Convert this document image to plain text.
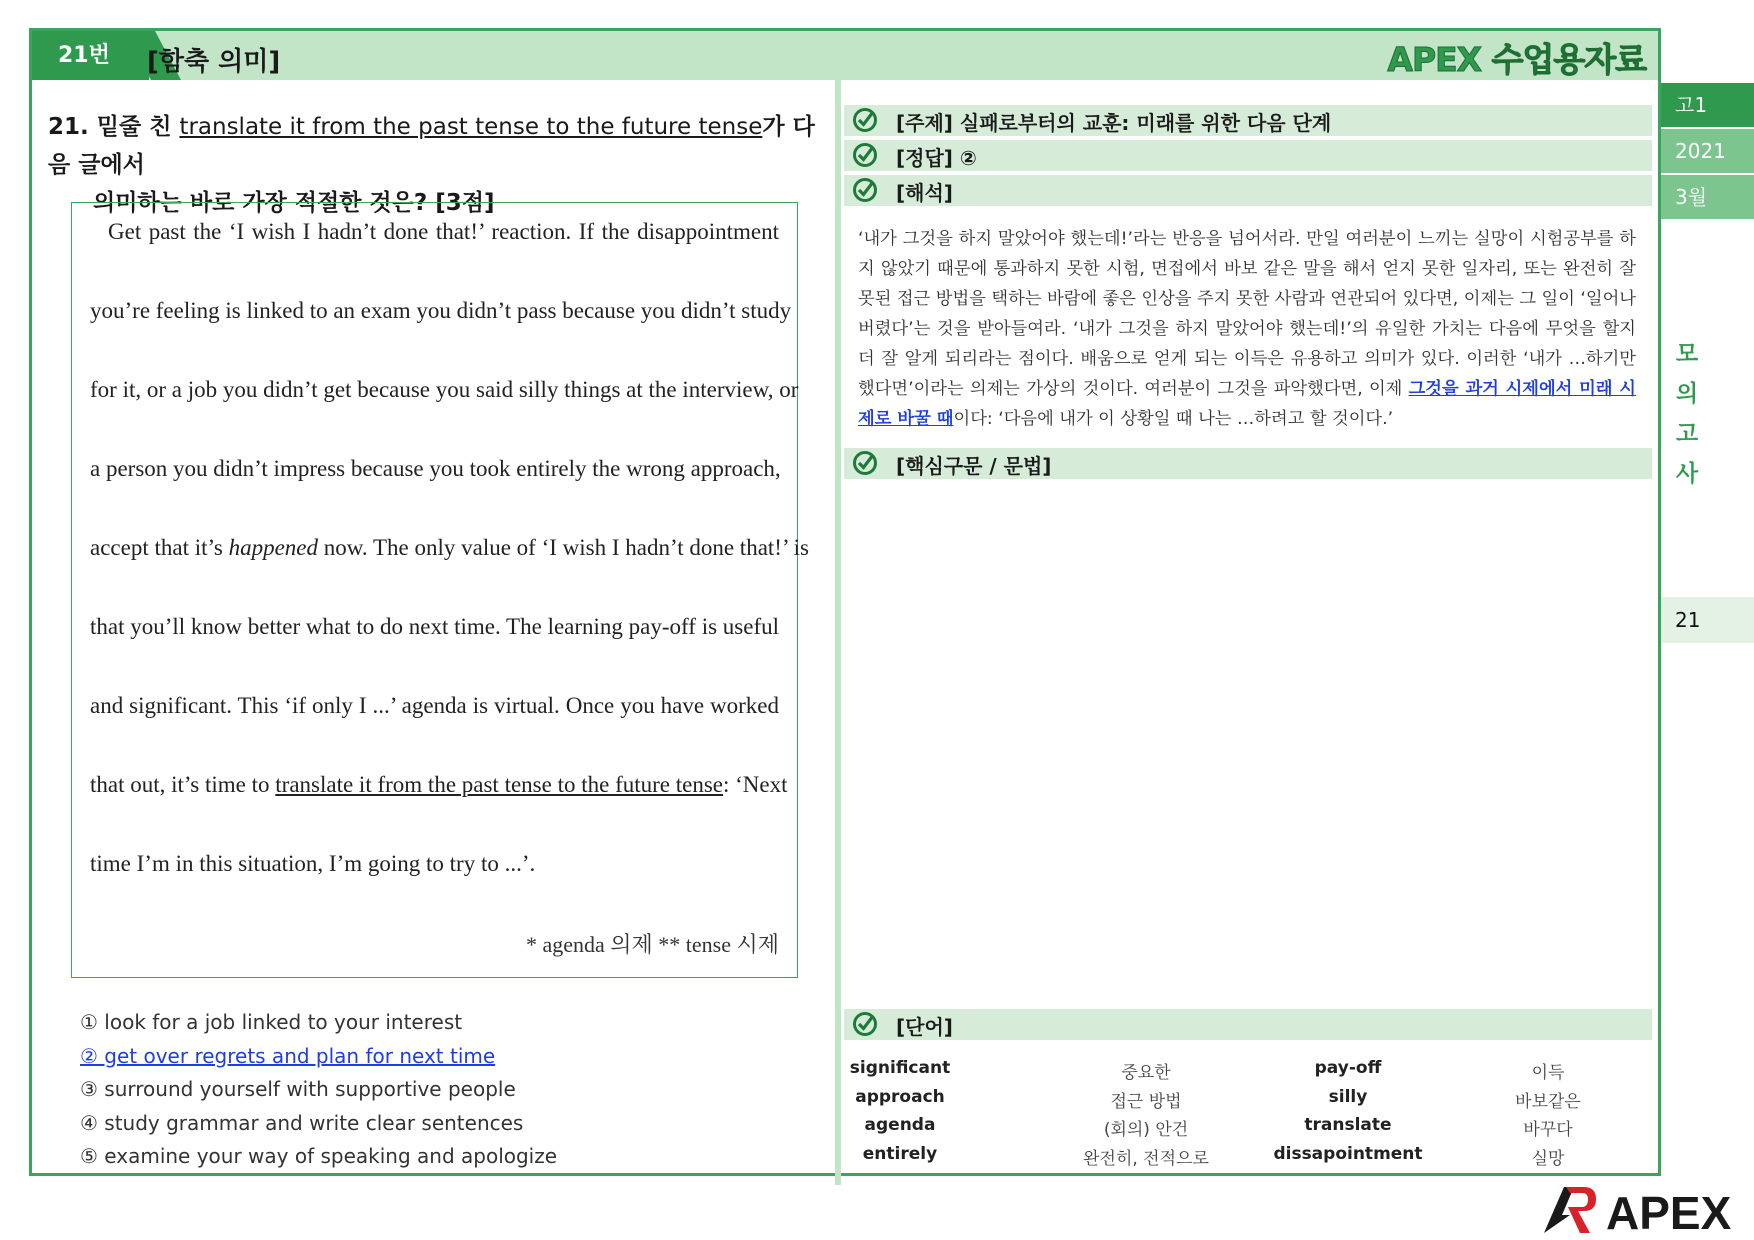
21번	[함축 의미]	APEX 수업용자료
고1
2021
3월
모
의
고
사
21
21. 밑줄 친 translate it from the past tense to the future tense가 다음 글에서
의미하는 바로 가장 적절한 것은? [3점]
Get past the ‘I wish I hadn’t done that!’ reaction. If the disappointment
you’re feeling is linked to an exam you didn’t pass because you didn’t study
for it, or a job you didn’t get because you said silly things at the interview, or
a person you didn’t impress because you took entirely the wrong approach,
accept that it’s happened now. The only value of ‘I wish I hadn’t done that!’ is
that you’ll know better what to do next time. The learning pay-off is useful
and significant. This ‘if only I ...’ agenda is virtual. Once you have worked
that out, it’s time to translate it from the past tense to the future tense: ‘Next
time I’m in this situation, I’m going to try to ...’.
* agenda 의제 ** tense 시제
① look for a job linked to your interest
② get over regrets and plan for next time
③ surround yourself with supportive people
④ study grammar and write clear sentences
⑤ examine your way of speaking and apologize
[주제] 실패로부터의 교훈: 미래를 위한 다음 단계
[정답] ②
[해석]
‘내가 그것을 하지 말았어야 했는데!’라는 반응을 넘어서라. 만일 여러분이 느끼는 실망이 시험공부를 하지 않았기 때문에 통과하지 못한 시험, 면접에서 바보 같은 말을 해서 얻지 못한 일자리, 또는 완전히 잘못된 접근 방법을 택하는 바람에 좋은 인상을 주지 못한 사람과 연관되어 있다면, 이제는 그 일이 ‘일어나 버렸다’는 것을 받아들여라. ‘내가 그것을 하지 말았어야 했는데!’의 유일한 가치는 다음에 무엇을 할지 더 잘 알게 되리라는 점이다. 배움으로 얻게 되는 이득은 유용하고 의미가 있다. 이러한 ‘내가 …하기만 했다면’이라는 의제는 가상의 것이다. 여러분이 그것을 파악했다면, 이제 그것을 과거 시제에서 미래 시제로 바꿀 때이다: ‘다음에 내가 이 상황일 때 나는 …하려고 할 것이다.’
[핵심구문 / 문법]
[단어]
significant	중요한	pay-off	이득
approach	접근 방법	silly	바보같은
agenda	(회의) 안건	translate	바꾸다
entirely	완전히, 전적으로	dissapointment	실망
APEX
